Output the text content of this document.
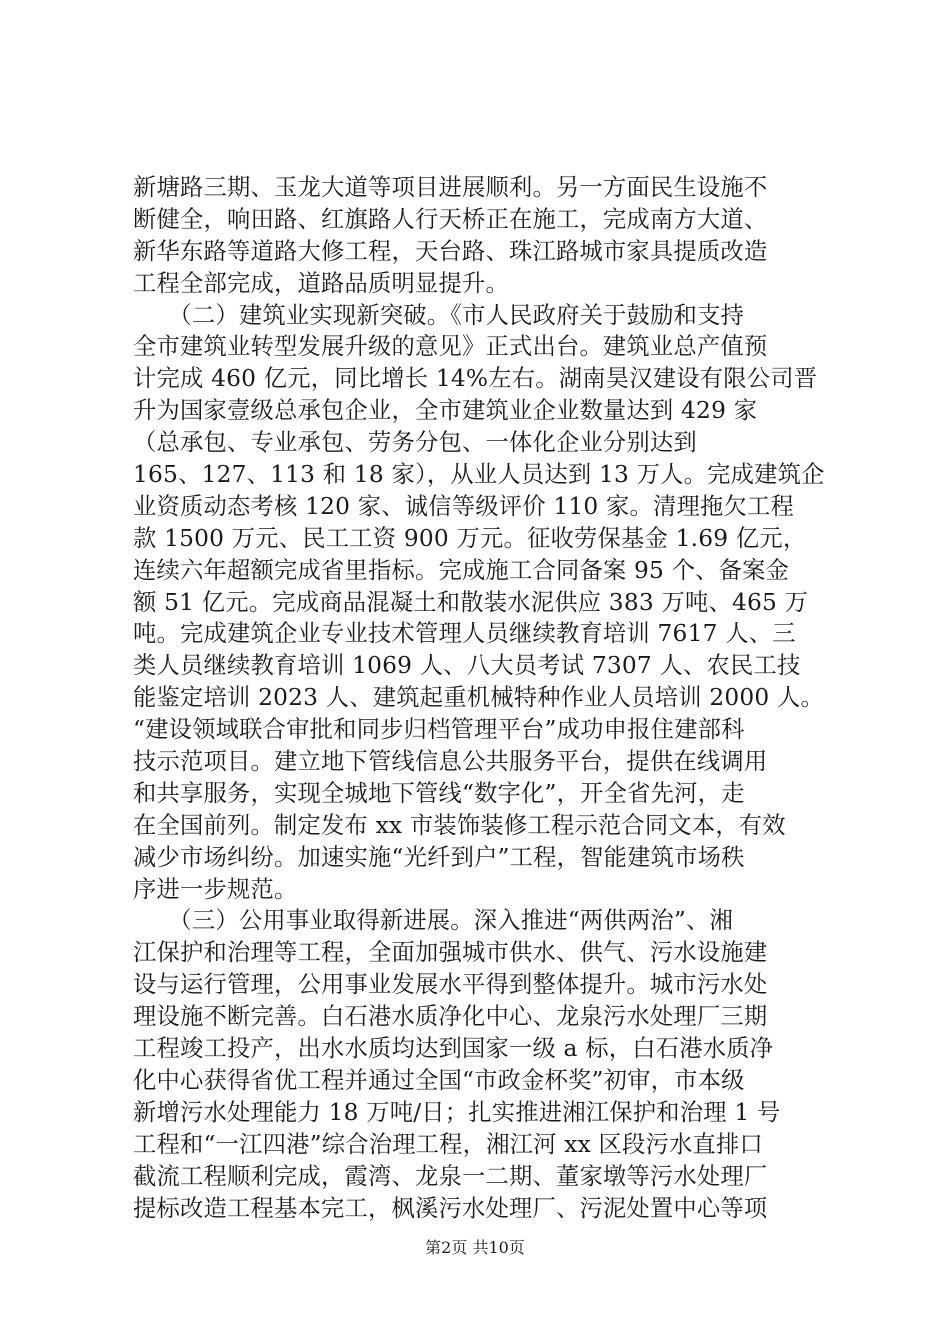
新塘路三期、玉龙大道等项目进展顺利。另一方面民生设施不
断健全，响田路、红旗路人行天桥正在施工，完成南方大道、
新华东路等道路大修工程，天台路、珠江路城市家具提质改造
工程全部完成，道路品质明显提升。
　　（二）建筑业实现新突破。《市人民政府关于鼓励和支持
全市建筑业转型发展升级的意见》正式出台。建筑业总产值预
计完成 460 亿元，同比增长 14%左右。湖南昊汉建设有限公司晋
升为国家壹级总承包企业，全市建筑业企业数量达到 429 家
（总承包、专业承包、劳务分包、一体化企业分别达到
165、127、113 和 18 家），从业人员达到 13 万人。完成建筑企
业资质动态考核 120 家、诚信等级评价 110 家。清理拖欠工程
款 1500 万元、民工工资 900 万元。征收劳保基金 1.69 亿元，
连续六年超额完成省里指标。完成施工合同备案 95 个、备案金
额 51 亿元。完成商品混凝土和散装水泥供应 383 万吨、465 万
吨。完成建筑企业专业技术管理人员继续教育培训 7617 人、三
类人员继续教育培训 1069 人、八大员考试 7307 人、农民工技
能鉴定培训 2023 人、建筑起重机械特种作业人员培训 2000 人。
“建设领域联合审批和同步归档管理平台”成功申报住建部科
技示范项目。建立地下管线信息公共服务平台，提供在线调用
和共享服务，实现全城地下管线“数字化”，开全省先河，走
在全国前列。制定发布 xx 市装饰装修工程示范合同文本，有效
减少市场纠纷。加速实施“光纤到户”工程，智能建筑市场秩
序进一步规范。
　　（三）公用事业取得新进展。深入推进“两供两治”、湘
江保护和治理等工程，全面加强城市供水、供气、污水设施建
设与运行管理，公用事业发展水平得到整体提升。城市污水处
理设施不断完善。白石港水质净化中心、龙泉污水处理厂三期
工程竣工投产，出水水质均达到国家一级 a 标，白石港水质净
化中心获得省优工程并通过全国“市政金杯奖”初审，市本级
新增污水处理能力 18 万吨/日；扎实推进湘江保护和治理 1 号
工程和“一江四港”综合治理工程，湘江河 xx 区段污水直排口
截流工程顺利完成，霞湾、龙泉一二期、董家墩等污水处理厂
提标改造工程基本完工，枫溪污水处理厂、污泥处置中心等项
第2页 共10页
